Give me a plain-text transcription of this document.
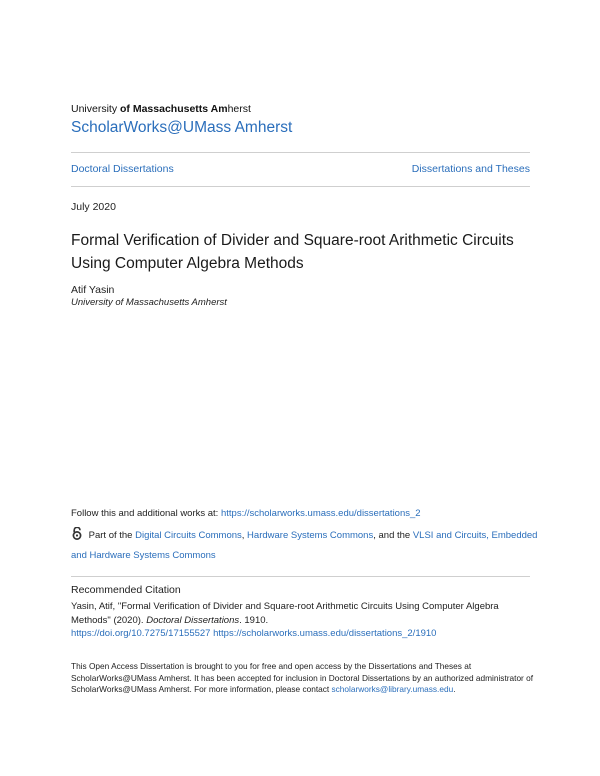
University of Massachusetts Amherst
ScholarWorks@UMass Amherst
Doctoral Dissertations	Dissertations and Theses
July 2020
Formal Verification of Divider and Square-root Arithmetic Circuits Using Computer Algebra Methods
Atif Yasin
University of Massachusetts Amherst
Follow this and additional works at: https://scholarworks.umass.edu/dissertations_2
Part of the Digital Circuits Commons, Hardware Systems Commons, and the VLSI and Circuits, Embedded and Hardware Systems Commons
Recommended Citation
Yasin, Atif, "Formal Verification of Divider and Square-root Arithmetic Circuits Using Computer Algebra Methods" (2020). Doctoral Dissertations. 1910.
https://doi.org/10.7275/17155527 https://scholarworks.umass.edu/dissertations_2/1910
This Open Access Dissertation is brought to you for free and open access by the Dissertations and Theses at ScholarWorks@UMass Amherst. It has been accepted for inclusion in Doctoral Dissertations by an authorized administrator of ScholarWorks@UMass Amherst. For more information, please contact scholarworks@library.umass.edu.
